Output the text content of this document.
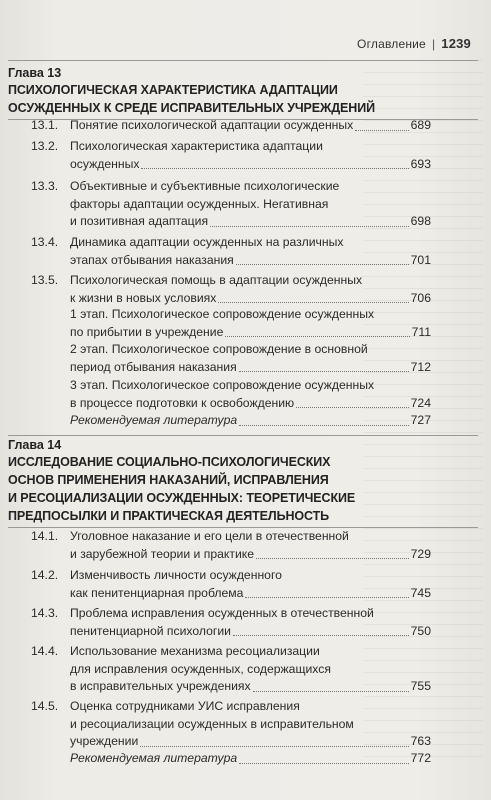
Оглавление | 1239
Глава 13
ПСИХОЛОГИЧЕСКАЯ ХАРАКТЕРИСТИКА АДАПТАЦИИ
ОСУЖДЕННЫХ К СРЕДЕ ИСПРАВИТЕЛЬНЫХ УЧРЕЖДЕНИЙ
13.1. Понятие психологической адаптации осужденных	689
13.2. Психологическая характеристика адаптации
осужденных	693
13.3. Объективные и субъективные психологические
факторы адаптации осужденных. Негативная
и позитивная адаптация	698
13.4. Динамика адаптации осужденных на различных
этапах отбывания наказания	701
13.5. Психологическая помощь в адаптации осужденных
к жизни в новых условиях	706
1 этап. Психологическое сопровождение осужденных
по прибытии в учреждение	711
2 этап. Психологическое сопровождение в основной
период отбывания наказания	712
3 этап. Психологическое сопровождение осужденных
в процессе подготовки к освобождению	724
Рекомендуемая литература	727
Глава 14
ИССЛЕДОВАНИЕ СОЦИАЛЬНО-ПСИХОЛОГИЧЕСКИХ
ОСНОВ ПРИМЕНЕНИЯ НАКАЗАНИЙ, ИСПРАВЛЕНИЯ
И РЕСОЦИАЛИЗАЦИИ ОСУЖДЕННЫХ: ТЕОРЕТИЧЕСКИЕ
ПРЕДПОСЫЛКИ И ПРАКТИЧЕСКАЯ ДЕЯТЕЛЬНОСТЬ
14.1. Уголовное наказание и его цели в отечественной
и зарубежной теории и практике	729
14.2. Изменчивость личности осужденного
как пенитенциарная проблема	745
14.3. Проблема исправления осужденных в отечественной
пенитенциарной психологии	750
14.4. Использование механизма ресоциализации
для исправления осужденных, содержащихся
в исправительных учреждениях	755
14.5. Оценка сотрудниками УИС исправления
и ресоциализации осужденных в исправительном
учреждении	763
Рекомендуемая литература	772
